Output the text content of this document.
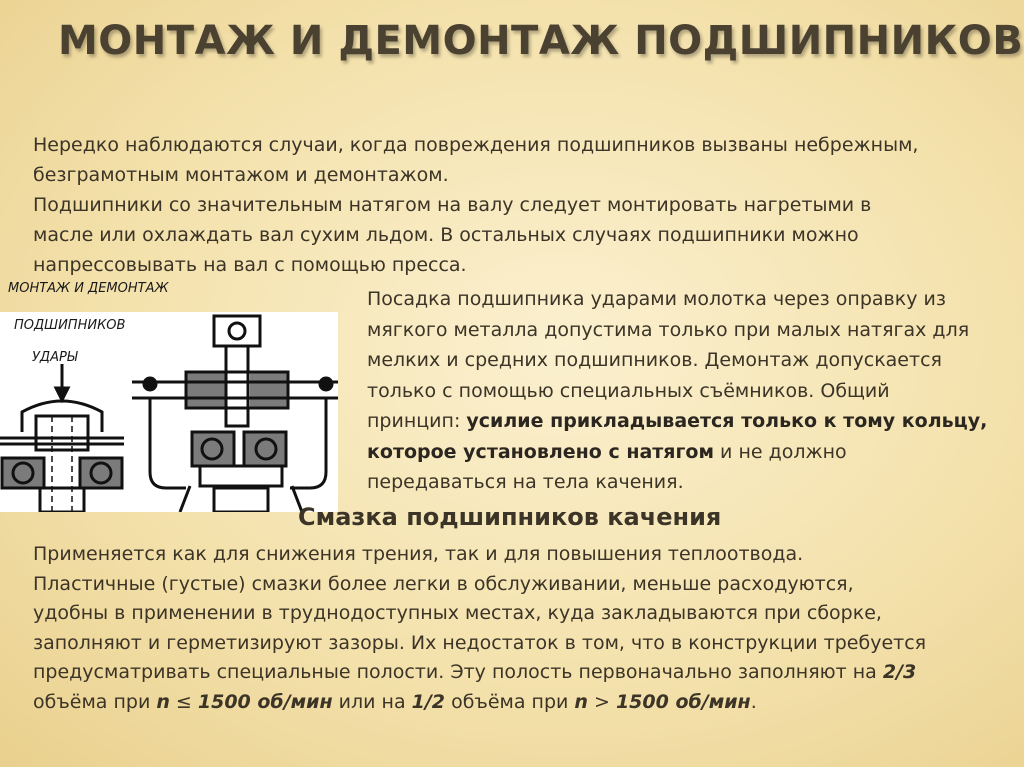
МОНТАЖ И ДЕМОНТАЖ ПОДШИПНИКОВ
Нередко наблюдаются случаи, когда повреждения подшипников вызваны небрежным,
безграмотным монтажом и демонтажом.
Подшипники со значительным натягом на валу следует монтировать нагретыми в
масле или охлаждать вал сухим льдом. В остальных случаях подшипники можно
напрессовывать на вал с помощью пресса.
МОНТАЖ И ДЕМОНТАЖ
ПОДШИПНИКОВ
УДАРЫ
Посадка подшипника ударами молотка через оправку из
мягкого металла допустима только при малых натягах для
мелких и средних подшипников. Демонтаж допускается
только с помощью специальных съёмников. Общий
принцип: усилие прикладывается только к тому кольцу,
которое установлено с натягом и не должно
передаваться на тела качения.
Смазка подшипников качения
Применяется как для снижения трения, так и для повышения теплоотвода.
Пластичные (густые) смазки более легки в обслуживании, меньше расходуются,
удобны в применении в труднодоступных местах, куда закладываются при сборке,
заполняют и герметизируют зазоры. Их недостаток в том, что в конструкции требуется
предусматривать специальные полости. Эту полость первоначально заполняют на 2/3
объёма при n ≤ 1500 об/мин или на 1/2 объёма при n > 1500 об/мин.
